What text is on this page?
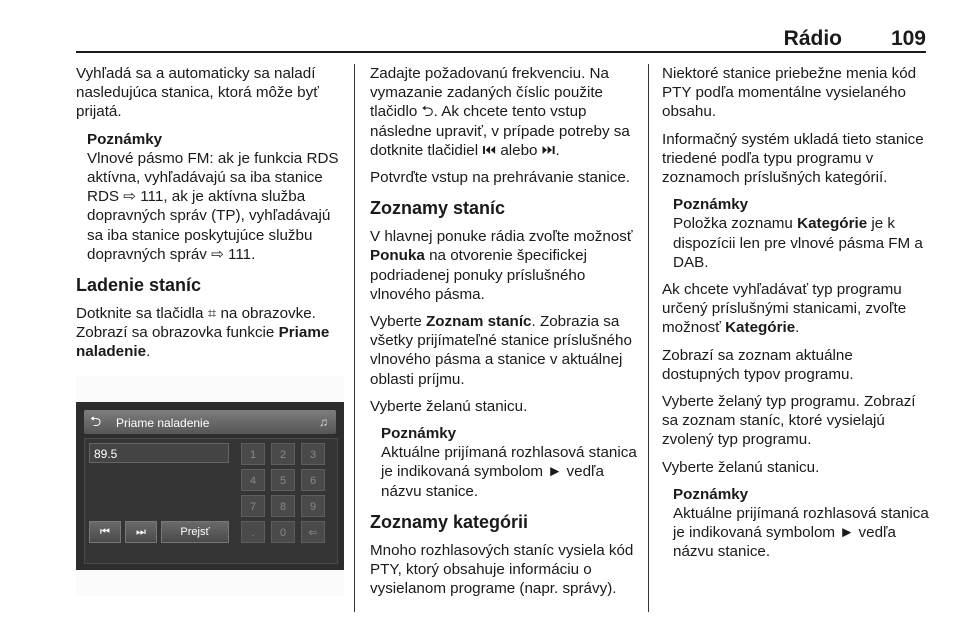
Rádio 109

Vyhľadá sa a automaticky sa naladí nasledujúca stanica, ktorá môže byť prijatá.

Poznámky
Vlnové pásmo FM: ak je funkcia RDS aktívna, vyhľadávajú sa iba stanice RDS ⇨ 111, ak je aktívna služba dopravných správ (TP), vyhľadávajú sa iba stanice poskytujúce službu dopravných správ ⇨ 111.
Ladenie staníc

Dotknite sa tlačidla ⌗ na obrazovke. Zobrazí sa obrazovka funkcie Priame naladenie.

⮌ Priame naladenie	♫
89.5	1	2	3
4	5	6
7	8	9
.	0	⇐
⏮	⏭	Prejsť

Zadajte požadovanú frekvenciu. Na vymazanie zadaných číslic použite tlačidlo ⮌. Ak chcete tento vstup následne upraviť, v prípade potreby sa dotknite tlačidiel ⏮ alebo ⏭.

Potvrďte vstup na prehrávanie stanice.

Zoznamy staníc

V hlavnej ponuke rádia zvoľte možnosť Ponuka na otvorenie špecifickej podriadenej ponuky príslušného vlnového pásma.

Vyberte Zoznam staníc. Zobrazia sa všetky prijímateľné stanice príslušného vlnového pásma a stanice v aktuálnej oblasti príjmu.

Vyberte želanú stanicu.

Poznámky
Aktuálne prijímaná rozhlasová stanica je indikovaná symbolom ► vedľa názvu stanice.
Zoznamy kategórii

Mnoho rozhlasových staníc vysiela kód PTY, ktorý obsahuje informáciu o vysielanom programe (napr. správy).

Niektoré stanice priebežne menia kód PTY podľa momentálne vysielaného obsahu.

Informačný systém ukladá tieto stanice triedené podľa typu programu v zoznamoch príslušných kategórií.

Poznámky
Položka zoznamu Kategórie je k dispozícii len pre vlnové pásma FM a DAB.

Ak chcete vyhľadávať typ programu určený príslušnými stanicami, zvoľte možnosť Kategórie.

Zobrazí sa zoznam aktuálne dostupných typov programu.

Vyberte želaný typ programu. Zobrazí sa zoznam staníc, ktoré vysielajú zvolený typ programu.

Vyberte želanú stanicu.

Poznámky
Aktuálne prijímaná rozhlasová stanica je indikovaná symbolom ► vedľa názvu stanice.
